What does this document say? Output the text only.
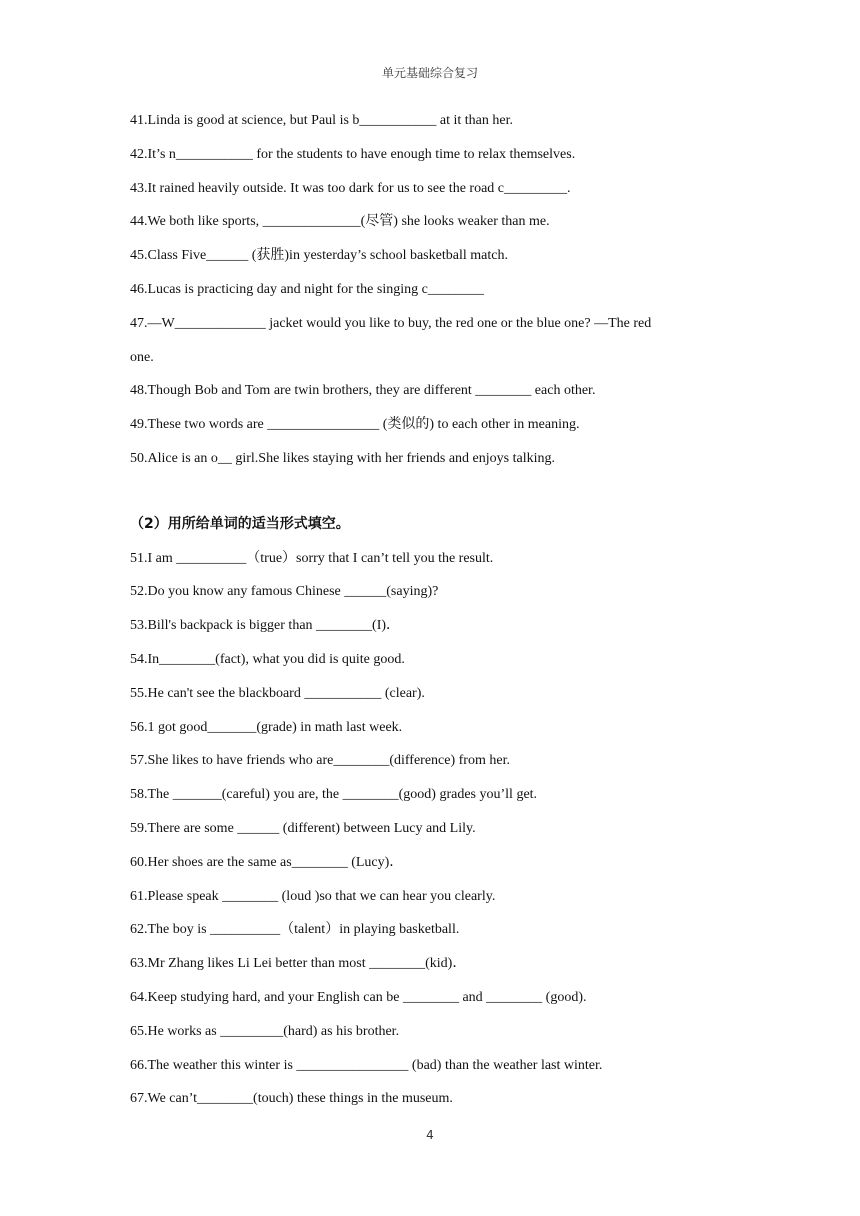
单元基础综合复习
41.Linda is good at science, but Paul is b___________ at it than her.
42.It’s n___________ for the students to have enough time to relax themselves.
43.It rained heavily outside. It was too dark for us to see the road c_________.
44.We both like sports, ______________(尽管) she looks weaker than me.
45.Class Five______ (获胜)in yesterday’s school basketball match.
46.Lucas is practicing day and night for the singing c________
47.—W_____________ jacket would you like to buy, the red one or the blue one? —The red
one.
48.Though Bob and Tom are twin brothers, they are different ________ each other.
49.These two words are ________________ (类似的) to each other in meaning.
50.Alice is an o__ girl.She likes staying with her friends and enjoys talking.
（2）用所给单词的适当形式填空。
51.I am __________（true）sorry that I can’t tell you the result.
52.Do you know any famous Chinese ______(saying)?
53.Bill's backpack is bigger than ________(I)．
54.In________(fact), what you did is quite good.
55.He can't see the blackboard ___________ (clear).
56.1 got good_______(grade) in math last week.
57.She likes to have friends who are________(difference) from her.
58.The _______(careful) you are, the ________(good) grades you’ll get.
59.There are some ______ (different) between Lucy and Lily.
60.Her shoes are the same as________ (Lucy)．
61.Please speak ________ (loud )so that we can hear you clearly.
62.The boy is __________（talent）in playing basketball.
63.Mr Zhang likes Li Lei better than most ________(kid)．
64.Keep studying hard, and your English can be ________ and ________ (good).
65.He works as _________(hard) as his brother.
66.The weather this winter is ________________ (bad) than the weather last winter.
67.We can’t________(touch) these things in the museum.
4
